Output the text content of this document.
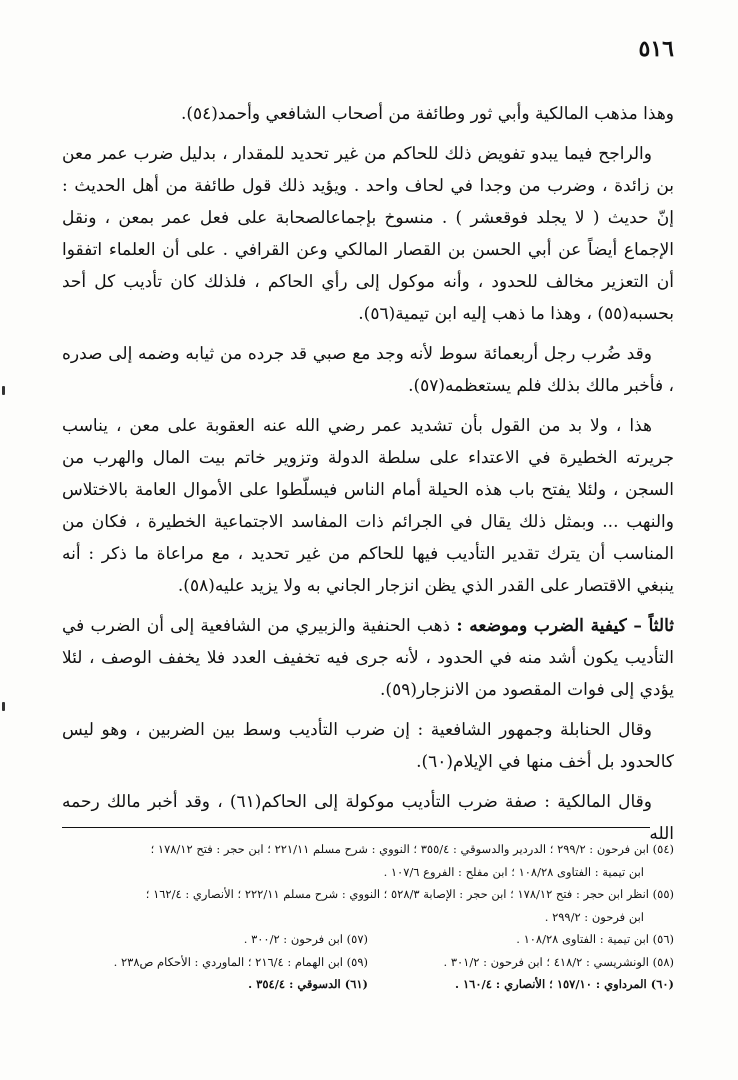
٥١٦

وهذا مذهب المالكية وأبي ثور وطائفة من أصحاب الشافعي وأحمد(٥٤).

والراجح فيما يبدو تفويض ذلك للحاكم من غير تحديد للمقدار ، بدليل ضرب عمر معن بن زائدة ، وضرب من وجدا في لحاف واحد . ويؤيد ذلك قول طائفة من أهل الحديث : إنّ حديث ( لا يجلد فوقعشر ) . منسوخ بإجماعالصحابة على فعل عمر بمعن ، ونقل الإجماع أيضاً عن أبي الحسن بن القصار المالكي وعن القرافي . على أن العلماء اتفقوا أن التعزير مخالف للحدود ، وأنه موكول إلى رأي الحاكم ، فلذلك كان تأديب كل أحد بحسبه(٥٥) ، وهذا ما ذهب إليه ابن تيمية(٥٦).

وقد ضُرب رجل أربعمائة سوط لأنه وجد مع صبي قد جرده من ثيابه وضمه إلى صدره ، فأخبر مالك بذلك فلم يستعظمه(٥٧).

هذا ، ولا بد من القول بأن تشديد عمر رضي الله عنه العقوبة على معن ، يناسب جريرته الخطيرة في الاعتداء على سلطة الدولة وتزوير خاتم بيت المال والهرب من السجن ، ولئلا يفتح باب هذه الحيلة أمام الناس فيسلّطوا على الأموال العامة بالاختلاس والنهب ... وبمثل ذلك يقال في الجرائم ذات المفاسد الاجتماعية الخطيرة ، فكان من المناسب أن يترك تقدير التأديب فيها للحاكم من غير تحديد ، مع مراعاة ما ذكر : أنه ينبغي الاقتصار على القدر الذي يظن انزجار الجاني به ولا يزيد عليه(٥٨).

ثالثاً – كيفية الضرب وموضعه : ذهب الحنفية والزبيري من الشافعية إلى أن الضرب في التأديب يكون أشد منه في الحدود ، لأنه جرى فيه تخفيف العدد فلا يخفف الوصف ، لئلا يؤدي إلى فوات المقصود من الانزجار(٥٩).

وقال الحنابلة وجمهور الشافعية : إن ضرب التأديب وسط بين الضربين ، وهو ليس كالحدود بل أخف منها في الإيلام(٦٠).

وقال المالكية : صفة ضرب التأديب موكولة إلى الحاكم(٦١) ، وقد أخبر مالك رحمه الله

(٥٤) ابن فرحون : ٢٩٩/٢ ؛ الدردير والدسوقي : ٣٥٥/٤ ؛ النووي : شرح مسلم ٢٢١/١١ ؛ ابن حجر : فتح ١٧٨/١٢ ؛
ابن تيمية : الفتاوى ١٠٨/٢٨ ؛ ابن مفلح : الفروع ١٠٧/٦ .
(٥٥) انظر ابن حجر : فتح ١٧٨/١٢ ؛ ابن حجر : الإصابة ٥٢٨/٣ ؛ النووي : شرح مسلم ٢٢٢/١١ ؛ الأنصاري : ١٦٢/٤ ؛
ابن فرحون : ٢٩٩/٢ .
(٥٦) ابن تيمية : الفتاوى ١٠٨/٢٨ .
(٥٧) ابن فرحون : ٣٠٠/٢ .
(٥٨) الونشريسي : ٤١٨/٢ ؛ ابن فرحون : ٣٠١/٢ .
(٥٩) ابن الهمام : ٢١٦/٤ ؛ الماوردي : الأحكام ص٢٣٨ .
(٦٠) المرداوي : ١٥٧/١٠ ؛ الأنصاري : ١٦٠/٤ .
(٦١) الدسوقي : ٣٥٤/٤ .
